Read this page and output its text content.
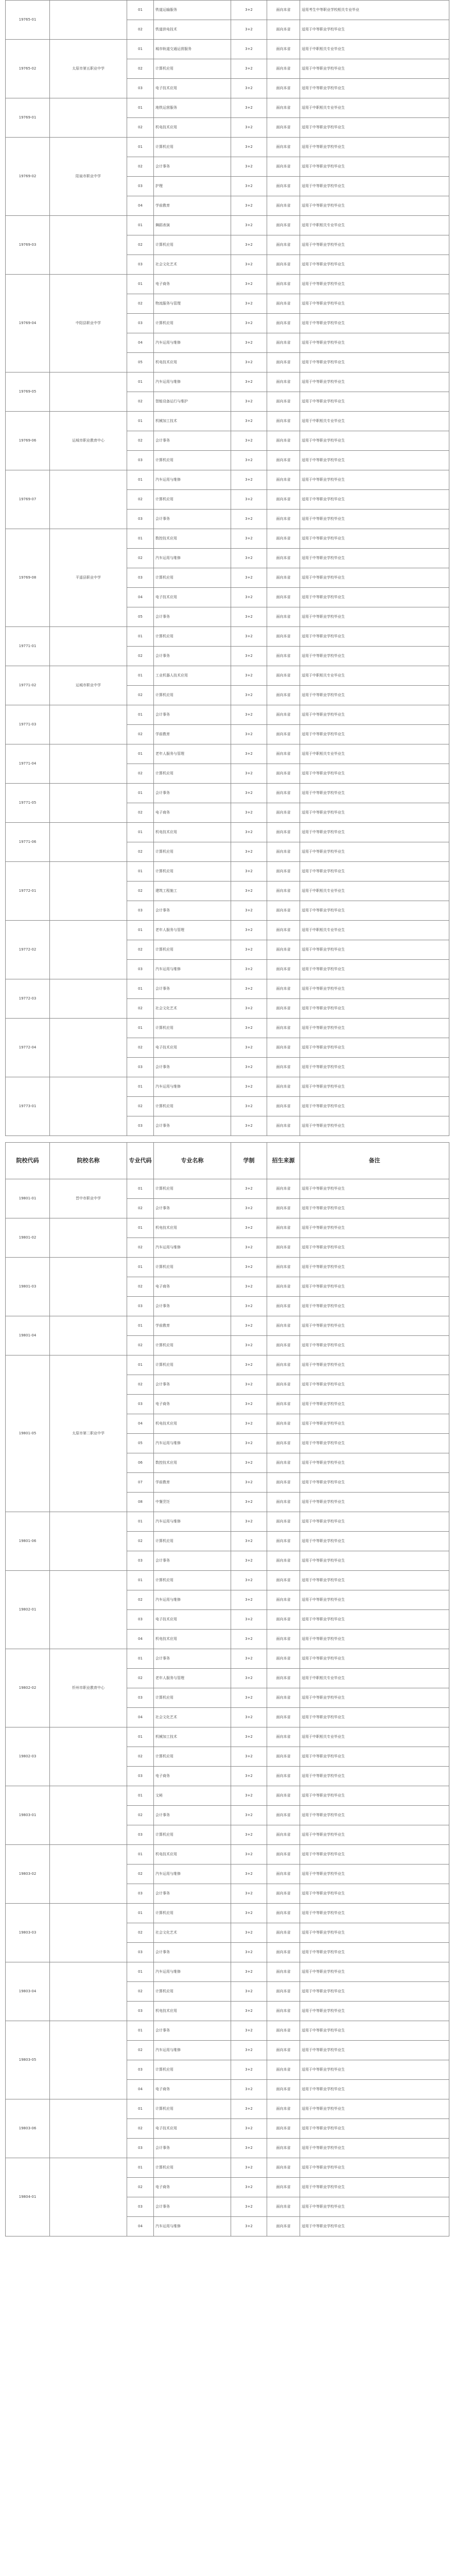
19765-01		01	铁道运输服务	3+2	面向本省	适用考生中等职业学校相关专业毕业
		02	铁道供电技术	3+2	面向本省	适用于中等职业学校毕业生
19765-02	太原市第五职业中学	01	城市轨道交通运营服务	3+2	面向本省	适用于中职相关专业毕业生
		02	计算机应用	3+2	面向本省	适用于中等职业学校毕业生
		03	电子技术应用	3+2	面向本省	适用于中等职业学校毕业生
19769-01		01	地铁运营服务	3+2	面向本省	适用于中职相关专业毕业生
		02	机电技术应用	3+2	面向本省	适用于中等职业学校毕业生
19769-02	阳泉市职业中学	01	计算机应用	3+2	面向本省	适用于中等职业学校毕业生
		02	会计事务	3+2	面向本省	适用于中等职业学校毕业生
		03	护理	3+2	面向本省	适用于中等职业学校毕业生
		04	学前教育	3+2	面向本省	适用于中等职业学校毕业生
19769-03		01	舞蹈表演	3+2	面向本省	适用于中职相关专业毕业生
		02	计算机应用	3+2	面向本省	适用于中等职业学校毕业生
		03	社会文化艺术	3+2	面向本省	适用于中等职业学校毕业生
19769-04	中阳县职业中学	01	电子商务	3+2	面向本省	适用于中等职业学校毕业生
		02	物流服务与管理	3+2	面向本省	适用于中等职业学校毕业生
		03	计算机应用	3+2	面向本省	适用于中等职业学校毕业生
		04	汽车运用与维修	3+2	面向本省	适用于中等职业学校毕业生
		05	机电技术应用	3+2	面向本省	适用于中等职业学校毕业生
19769-05		01	汽车运用与维修	3+2	面向本省	适用于中等职业学校毕业生
		02	智能设备运行与维护	3+2	面向本省	适用于中等职业学校毕业生
19769-06	运城市职业教育中心	01	机械加工技术	3+2	面向本省	适用于中职相关专业毕业生
		02	会计事务	3+2	面向本省	适用于中等职业学校毕业生
		03	计算机应用	3+2	面向本省	适用于中等职业学校毕业生
19769-07		01	汽车运用与维修	3+2	面向本省	适用于中等职业学校毕业生
		02	计算机应用	3+2	面向本省	适用于中等职业学校毕业生
		03	会计事务	3+2	面向本省	适用于中等职业学校毕业生
19769-08	平遥县职业中学	01	数控技术应用	3+2	面向本省	适用于中等职业学校毕业生
		02	汽车运用与维修	3+2	面向本省	适用于中等职业学校毕业生
		03	计算机应用	3+2	面向本省	适用于中等职业学校毕业生
		04	电子技术应用	3+2	面向本省	适用于中等职业学校毕业生
		05	会计事务	3+2	面向本省	适用于中等职业学校毕业生
19771-01		01	计算机应用	3+2	面向本省	适用于中等职业学校毕业生
		02	会计事务	3+2	面向本省	适用于中等职业学校毕业生
19771-02	运城市职业中学	01	工业机器人技术应用	3+2	面向本省	适用于中职相关专业毕业生
		02	计算机应用	3+2	面向本省	适用于中等职业学校毕业生
19771-03		01	会计事务	3+2	面向本省	适用于中等职业学校毕业生
		02	学前教育	3+2	面向本省	适用于中等职业学校毕业生
19771-04		01	老年人服务与管理	3+2	面向本省	适用于中职相关专业毕业生
		02	计算机应用	3+2	面向本省	适用于中等职业学校毕业生
19771-05		01	会计事务	3+2	面向本省	适用于中等职业学校毕业生
		02	电子商务	3+2	面向本省	适用于中等职业学校毕业生
19771-06		01	机电技术应用	3+2	面向本省	适用于中等职业学校毕业生
		02	计算机应用	3+2	面向本省	适用于中等职业学校毕业生
19772-01		01	计算机应用	3+2	面向本省	适用于中等职业学校毕业生
		02	建筑工程施工	3+2	面向本省	适用于中职相关专业毕业生
		03	会计事务	3+2	面向本省	适用于中等职业学校毕业生
19772-02		01	老年人服务与管理	3+2	面向本省	适用于中职相关专业毕业生
		02	计算机应用	3+2	面向本省	适用于中等职业学校毕业生
		03	汽车运用与维修	3+2	面向本省	适用于中等职业学校毕业生
19772-03		01	会计事务	3+2	面向本省	适用于中等职业学校毕业生
		02	社会文化艺术	3+2	面向本省	适用于中等职业学校毕业生
19772-04		01	计算机应用	3+2	面向本省	适用于中等职业学校毕业生
		02	电子技术应用	3+2	面向本省	适用于中等职业学校毕业生
		03	会计事务	3+2	面向本省	适用于中等职业学校毕业生
19773-01		01	汽车运用与维修	3+2	面向本省	适用于中等职业学校毕业生
		02	计算机应用	3+2	面向本省	适用于中等职业学校毕业生
		03	会计事务	3+2	面向本省	适用于中等职业学校毕业生
院校代码	院校名称	专业代码	专业名称	学制	招生来源	备注
19801-01	晋中市职业中学	01	计算机应用	3+2	面向本省	适用于中等职业学校毕业生
		02	会计事务	3+2	面向本省	适用于中等职业学校毕业生
19801-02		01	机电技术应用	3+2	面向本省	适用于中等职业学校毕业生
		02	汽车运用与维修	3+2	面向本省	适用于中等职业学校毕业生
19801-03		01	计算机应用	3+2	面向本省	适用于中等职业学校毕业生
		02	电子商务	3+2	面向本省	适用于中等职业学校毕业生
		03	会计事务	3+2	面向本省	适用于中等职业学校毕业生
19801-04		01	学前教育	3+2	面向本省	适用于中等职业学校毕业生
		02	计算机应用	3+2	面向本省	适用于中等职业学校毕业生
19801-05	太原市第二职业中学	01	计算机应用	3+2	面向本省	适用于中等职业学校毕业生
		02	会计事务	3+2	面向本省	适用于中等职业学校毕业生
		03	电子商务	3+2	面向本省	适用于中等职业学校毕业生
		04	机电技术应用	3+2	面向本省	适用于中等职业学校毕业生
		05	汽车运用与维修	3+2	面向本省	适用于中等职业学校毕业生
		06	数控技术应用	3+2	面向本省	适用于中等职业学校毕业生
		07	学前教育	3+2	面向本省	适用于中等职业学校毕业生
		08	中餐烹饪	3+2	面向本省	适用于中等职业学校毕业生
19801-06		01	汽车运用与维修	3+2	面向本省	适用于中等职业学校毕业生
		02	计算机应用	3+2	面向本省	适用于中等职业学校毕业生
		03	会计事务	3+2	面向本省	适用于中等职业学校毕业生
19802-01		01	计算机应用	3+2	面向本省	适用于中等职业学校毕业生
		02	汽车运用与维修	3+2	面向本省	适用于中等职业学校毕业生
		03	电子技术应用	3+2	面向本省	适用于中等职业学校毕业生
		04	机电技术应用	3+2	面向本省	适用于中等职业学校毕业生
19802-02	忻州市职业教育中心	01	会计事务	3+2	面向本省	适用于中等职业学校毕业生
		02	老年人服务与管理	3+2	面向本省	适用于中职相关专业毕业生
		03	计算机应用	3+2	面向本省	适用于中等职业学校毕业生
		04	社会文化艺术	3+2	面向本省	适用于中等职业学校毕业生
19802-03		01	机械加工技术	3+2	面向本省	适用于中职相关专业毕业生
		02	计算机应用	3+2	面向本省	适用于中等职业学校毕业生
		03	电子商务	3+2	面向本省	适用于中等职业学校毕业生
19803-01		01	文秘	3+2	面向本省	适用于中等职业学校毕业生
		02	会计事务	3+2	面向本省	适用于中等职业学校毕业生
		03	计算机应用	3+2	面向本省	适用于中等职业学校毕业生
19803-02		01	机电技术应用	3+2	面向本省	适用于中等职业学校毕业生
		02	汽车运用与维修	3+2	面向本省	适用于中等职业学校毕业生
		03	会计事务	3+2	面向本省	适用于中等职业学校毕业生
19803-03		01	计算机应用	3+2	面向本省	适用于中等职业学校毕业生
		02	社会文化艺术	3+2	面向本省	适用于中等职业学校毕业生
		03	会计事务	3+2	面向本省	适用于中等职业学校毕业生
19803-04		01	汽车运用与维修	3+2	面向本省	适用于中等职业学校毕业生
		02	计算机应用	3+2	面向本省	适用于中等职业学校毕业生
		03	机电技术应用	3+2	面向本省	适用于中等职业学校毕业生
19803-05		01	会计事务	3+2	面向本省	适用于中等职业学校毕业生
		02	汽车运用与维修	3+2	面向本省	适用于中等职业学校毕业生
		03	计算机应用	3+2	面向本省	适用于中等职业学校毕业生
		04	电子商务	3+2	面向本省	适用于中等职业学校毕业生
19803-06		01	计算机应用	3+2	面向本省	适用于中等职业学校毕业生
		02	电子技术应用	3+2	面向本省	适用于中等职业学校毕业生
		03	会计事务	3+2	面向本省	适用于中等职业学校毕业生
19804-01		01	计算机应用	3+2	面向本省	适用于中等职业学校毕业生
		02	电子商务	3+2	面向本省	适用于中等职业学校毕业生
		03	会计事务	3+2	面向本省	适用于中等职业学校毕业生
		04	汽车运用与维修	3+2	面向本省	适用于中等职业学校毕业生
